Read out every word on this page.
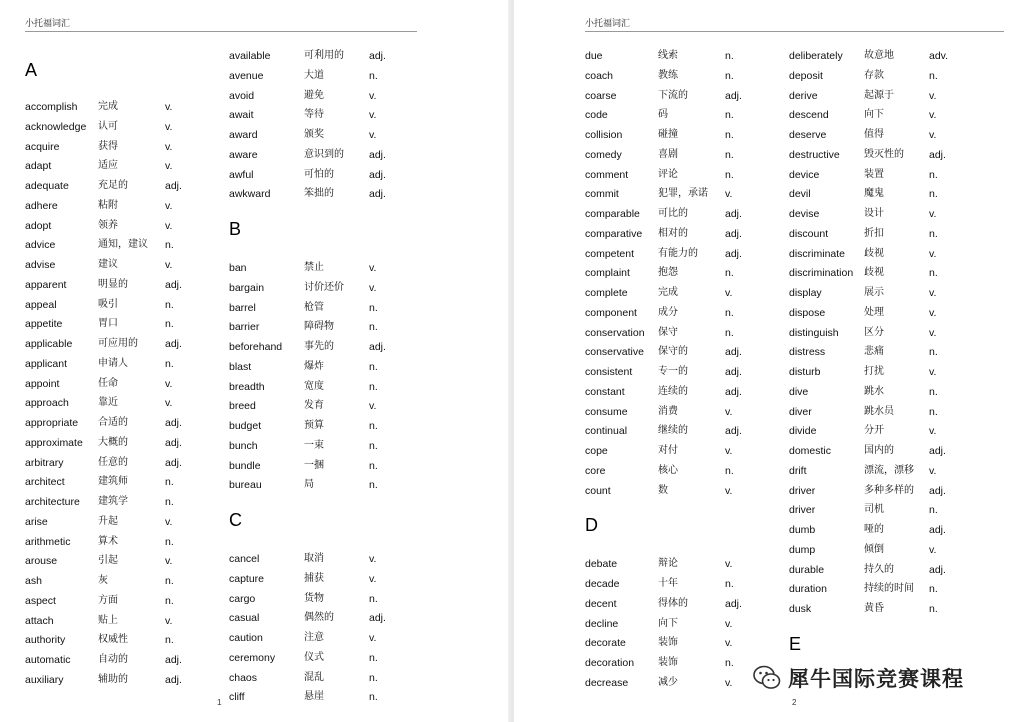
小托福词汇
1
A
accomplish 完成	v.
acknowledge 认可	v.
acquire	获得	v.
adapt	适应	v.
adequate	充足的	adj.
adhere	粘附	v.
adopt	领养	v.
advice	通知，建议 n.
advise	建议	v.
apparent	明显的	adj.
appeal	吸引	n.
appetite	胃口	n.
applicable	可应用的	adj.
applicant	申请人	n.
appoint	任命	v.
approach	靠近	v.
appropriate 合适的	adj.
approximate 大概的	adj.
arbitrary	任意的	adj.
architect	建筑师	n.
architecture 建筑学	n.
arise	升起	v.
arithmetic	算术	n.
arouse	引起	v.
ash	灰	n.
aspect	方面	n.
attach	贴上	v.
authority	权威性	n.
automatic	自动的	adj.
auxiliary	辅助的	adj.
available	可利用的 adj.
avenue	大道	n.
avoid	避免	v.
await	等待	v.
award	颁奖	v.
aware	意识到的 adj.
awful	可怕的	adj.
awkward	笨拙的	adj.
B
ban	禁止	v.
bargain	讨价还价 v.
barrel	枪管	n.
barrier	障碍物	n.
beforehand 事先的	adj.
blast	爆炸	n.
breadth	宽度	n.
breed	发育	v.
budget	预算	n.
bunch	一束	n.
bundle	一捆	n.
bureau	局	n.
C
cancel	取消	v.
capture	捕获	v.
cargo	货物	n.
casual	偶然的	adj.
caution	注意	v.
ceremony	仪式	n.
chaos	混乱	n.
cliff	悬崖	n.
小托福词汇
2
due	线索	n.
coach	教练	n.
coarse	下流的	adj.
code	码	n.
collision	碰撞	n.
comedy	喜剧	n.
comment	评论	n.
commit	犯罪，承诺 v.
comparable 可比的	adj.
comparative 相对的	adj.
competent 有能力的	adj.
complaint	抱怨	n.
complete	完成	v.
component 成分	n.
conservation 保守	n.
conservative 保守的	adj.
consistent	专一的	adj.
constant	连续的	adj.
consume	消费	v.
continual	继续的	adj.
cope	对付	v.
core	核心	n.
count	数	v.
D
debate	辩论	v.
decade	十年	n.
decent	得体的	adj.
decline	向下	v.
decorate	装饰	v.
decoration 装饰	n.
decrease	减少	v.
deliberately 故意地	adv.
deposit	存款	n.
derive	起源于	v.
descend	向下	v.
deserve	值得	v.
destructive 毁灭性的 adj.
device	装置	n.
devil	魔鬼	n.
devise	设计	v.
discount	折扣	n.
discriminate 歧视	v.
discrimination 歧视	n.
display	展示	v.
dispose	处理	v.
distinguish	区分	v.
distress	悲痛	n.
disturb	打扰	v.
dive	跳水	n.
diver	跳水员	n.
divide	分开	v.
domestic	国内的	adj.
drift	漂流，漂移 v.
driver	多种多样的 adj.
driver	司机	n.
dumb	哑的	adj.
dump	倾倒	v.
durable	持久的	adj.
duration	持续的时间 n.
dusk	黄昏	n.
E
犀牛国际竞赛课程
